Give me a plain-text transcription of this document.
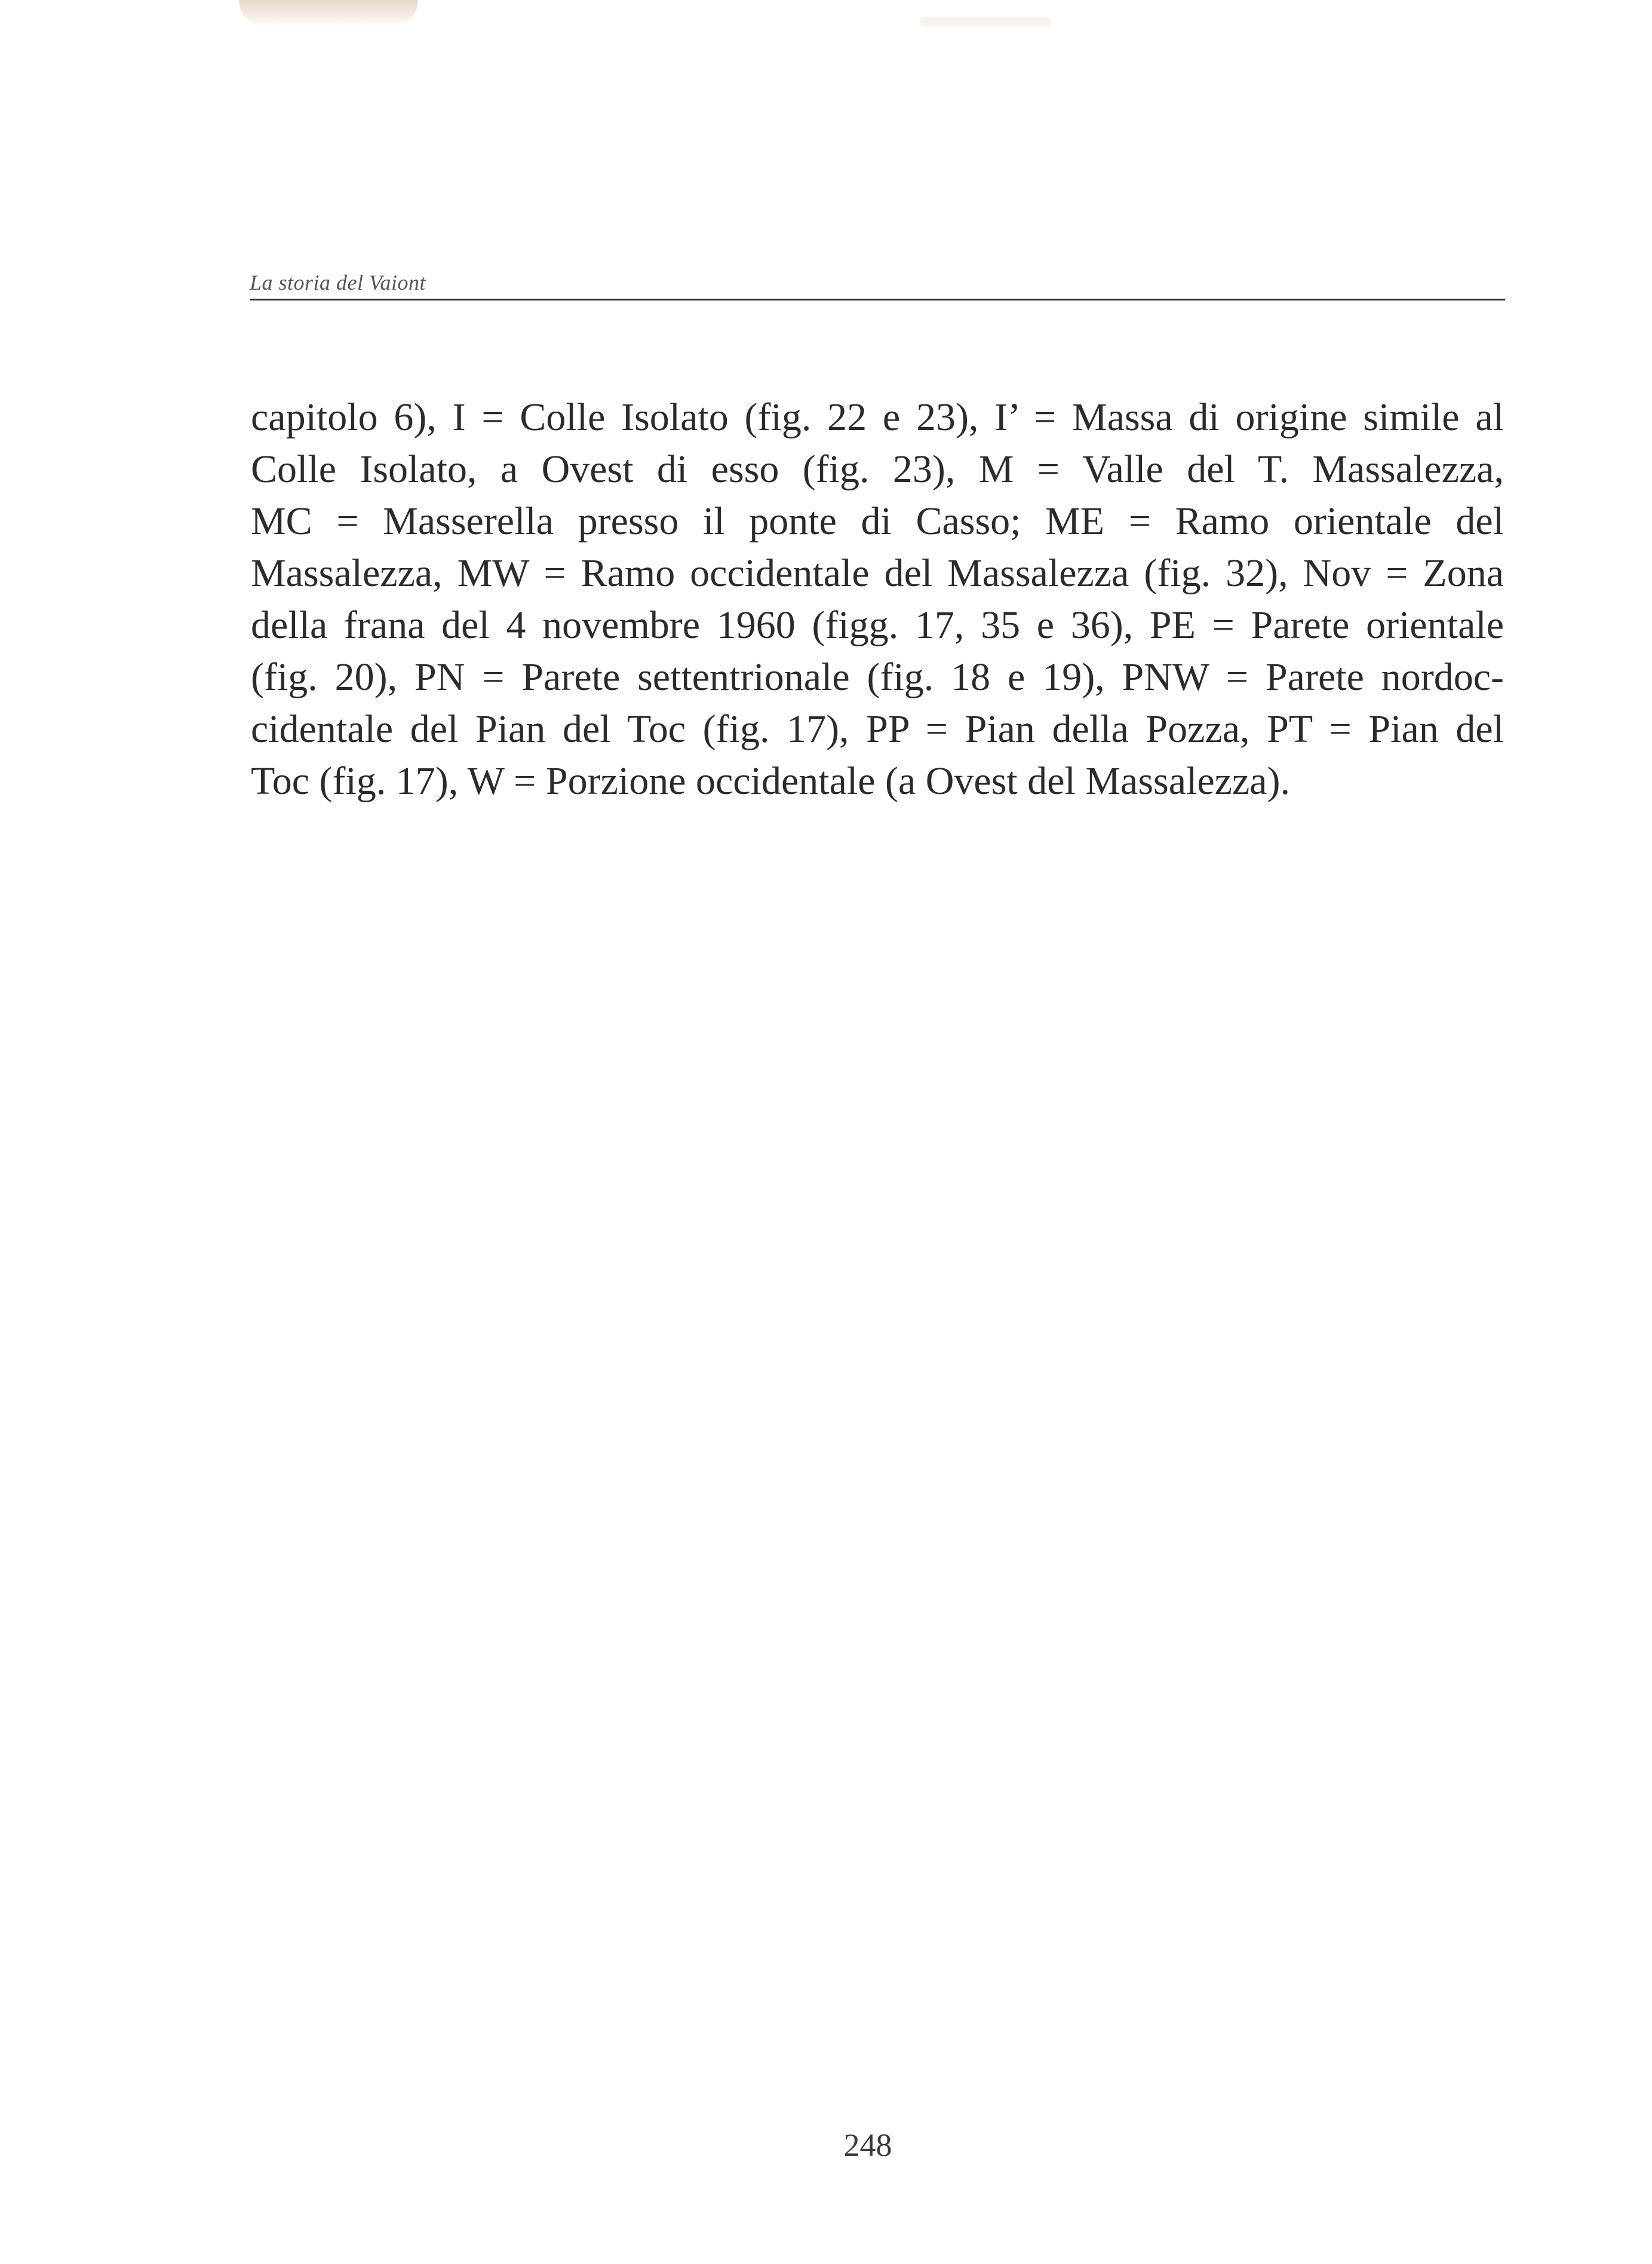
La storia del Vaiont
capitolo 6), I = Colle Isolato (fig. 22 e 23), I’ = Massa di origine simile al
Colle Isolato, a Ovest di esso (fig. 23), M = Valle del T. Massalezza,
MC = Masserella presso il ponte di Casso; ME = Ramo orientale del
Massalezza, MW = Ramo occidentale del Massalezza (fig. 32), Nov = Zona
della frana del 4 novembre 1960 (figg. 17, 35 e 36), PE = Parete orientale
(fig. 20), PN = Parete settentrionale (fig. 18 e 19), PNW = Parete nordoc-
cidentale del Pian del Toc (fig. 17), PP = Pian della Pozza, PT = Pian del
Toc (fig. 17), W = Porzione occidentale (a Ovest del Massalezza).
248
